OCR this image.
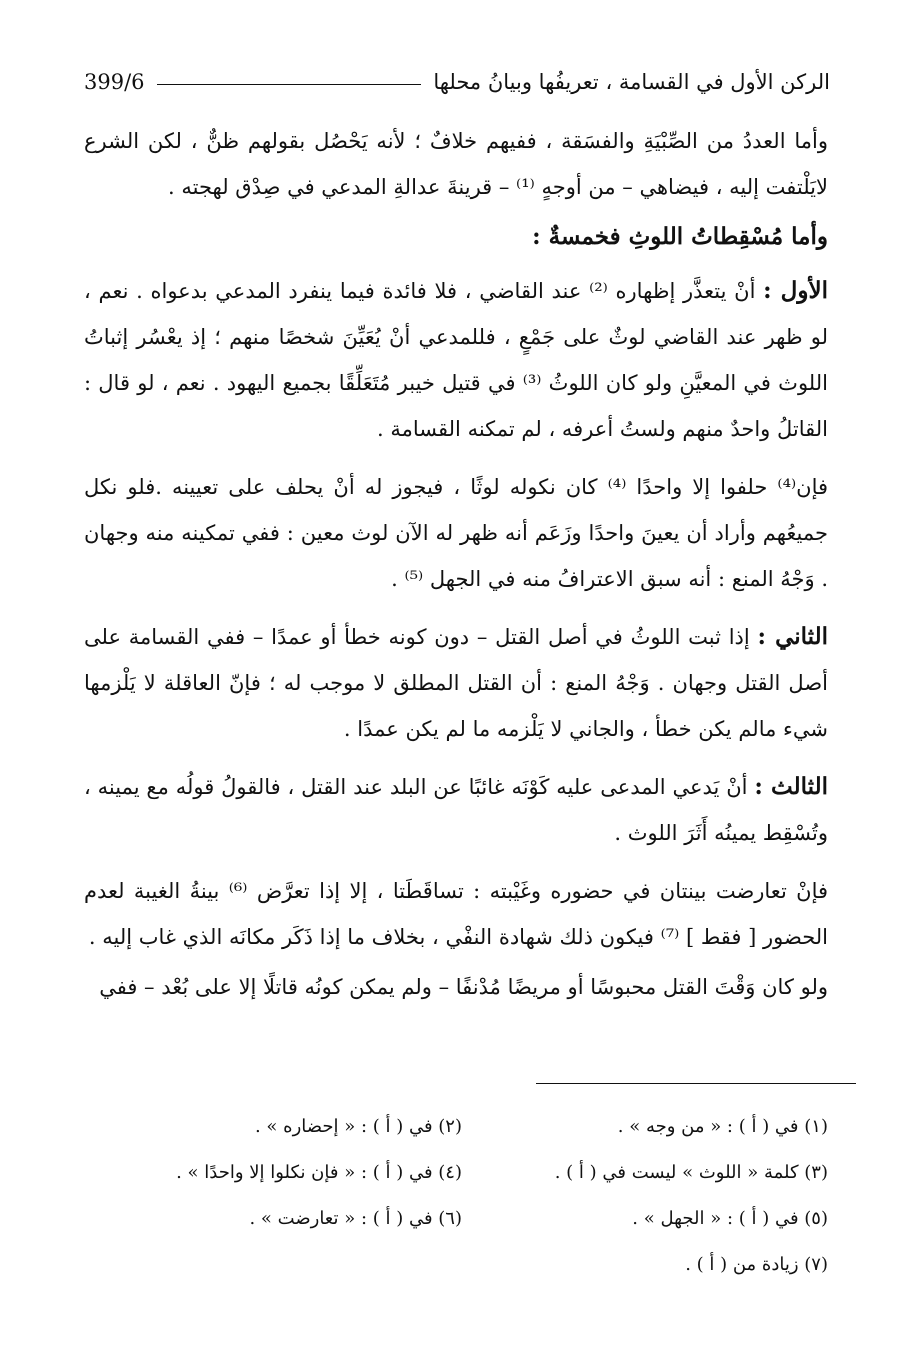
الركن الأول في القسامة ، تعريفُها وبيانُ محلها
399/6

وأما العددُ من الصِّبْيَةِ والفسَقة ، ففيهم خلافٌ ؛ لأنه يَحْصُل بقولهم ظنٌّ ، لكن الشرع لايَلْتفت إليه ، فيضاهي – من أوجهٍ ⁽¹⁾ – قرينةَ عدالةِ المدعي في صِدْق لهجته .

وأما مُسْقِطاتُ اللوثِ فخمسةٌ :

الأول : أنْ يتعذَّر إظهاره ⁽²⁾ عند القاضي ، فلا فائدة فيما ينفرد المدعي بدعواه . نعم ، لو ظهر عند القاضي لوثٌ على جَمْعٍ ، فللمدعي أنْ يُعَيِّنَ شخصًا منهم ؛ إذ يعْسُر إثباتُ اللوث في المعيَّنِ ولو كان اللوثُ ⁽³⁾ في قتيل خيبر مُتَعَلِّقًا بجميع اليهود . نعم ، لو قال : القاتلُ واحدٌ منهم ولستُ أعرفه ، لم تمكنه القسامة .

فإن⁽⁴⁾ حلفوا إلا واحدًا ⁽⁴⁾ كان نكوله لوثًا ، فيجوز له أنْ يحلف على تعيينه .فلو نكل جميعُهم وأراد أن يعينَ واحدًا وزَعَم أنه ظهر له الآن لوث معين : ففي تمكينه منه وجهان . وَجْهُ المنع : أنه سبق الاعترافُ منه في الجهل ⁽⁵⁾ .

الثاني : إذا ثبت اللوثُ في أصل القتل – دون كونه خطأ أو عمدًا – ففي القسامة على أصل القتل وجهان . وَجْهُ المنع : أن القتل المطلق لا موجب له ؛ فإنّ العاقلة لا يَلْزمها شيء مالم يكن خطأ ، والجاني لا يَلْزمه ما لم يكن عمدًا .

الثالث : أنْ يَدعي المدعى عليه كَوْنَه غائبًا عن البلد عند القتل ، فالقولُ قولُه مع يمينه ، وتُسْقِط يمينُه أَثَرَ اللوث .

فإنْ تعارضت بينتان في حضوره وغَيْبته : تساقَطَتا ، إلا إذا تعرَّض ⁽⁶⁾ بينةُ الغيبة لعدم الحضور [ فقط ] ⁽⁷⁾ فيكون ذلك شهادة النفْي ، بخلاف ما إذا ذَكَر مكانَه الذي غاب إليه .

ولو كان وَقْتَ القتل محبوسًا أو مريضًا مُدْنفًا – ولم يمكن كونُه قاتلًا إلا على بُعْد – ففي

(١) في ( أ ) : « من وجه » .
(٢) في ( أ ) : « إحضاره » .
(٣) كلمة « اللوث » ليست في ( أ ) .
(٤) في ( أ ) : « فإن نكلوا إلا واحدًا » .
(٥) في ( أ ) : « الجهل » .
(٦) في ( أ ) : « تعارضت » .
(٧) زيادة من ( أ ) .
